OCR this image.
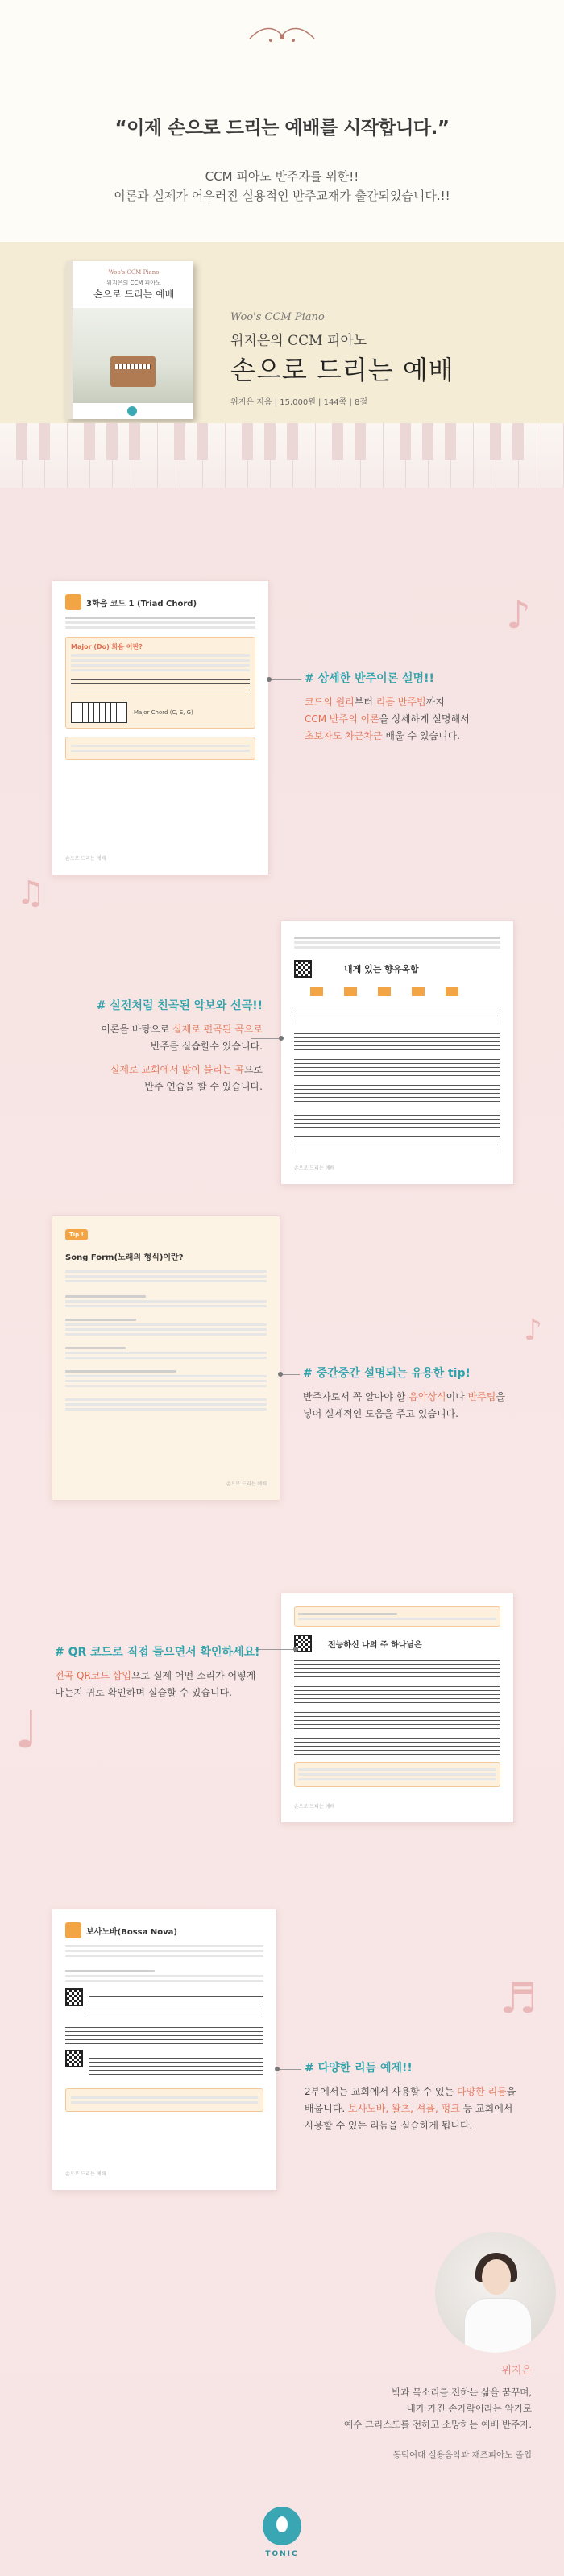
“이제 손으로 드리는 예배를 시작합니다.”
CCM 피아노 반주자를 위한!!
이론과 실제가 어우러진 실용적인 반주교재가 출간되었습니다.!!
Woo's CCM Piano
위지은의 CCM 피아노
손으로 드리는 예배
Woo's CCM Piano
위지은의 CCM 피아노
손으로 드리는 예배
위지은 지음 | 15,000원 | 144쪽 | 8절
♪
♫
♪
♩
♬
3화음 코드 1 (Triad Chord)
Major (Do) 화음 이란?
Major Chord (C, E, G)
손으로 드리는 예배
# 상세한 반주이론 설명!!
코드의 원리부터 리듬 반주법까지
CCM 반주의 이론을 상세하게 설명해서
초보자도 차근차근 배울 수 있습니다.
내게 있는 향유옥합
손으로 드리는 예배
# 실전처럼 친곡된 악보와 선곡!!
이론을 바탕으로 실제로 편곡된 곡으로
반주를 실습할수 있습니다.
실제로 교회에서 많이 불리는 곡으로
반주 연습을 할 수 있습니다.
Tip !
Song Form(노래의 형식)이란?
손으로 드리는 예배
# 중간중간 설명되는 유용한 tip!
반주자로서 꼭 알아야 할 음악상식이나 반주팁을
넣어 실제적인 도움을 주고 있습니다.
전능하신 나의 주 하나님은
손으로 드리는 예배
# QR 코드로 직접 들으면서 확인하세요!
전곡 QR코드 삽입으로 실제 어떤 소리가 어떻게
나는지 귀로 확인하며 실습할 수 있습니다.
보사노바(Bossa Nova)
손으로 드리는 예배
# 다양한 리듬 예제!!
2부에서는 교회에서 사용할 수 있는 다양한 리듬을
배웁니다. 보사노바, 왈츠, 셔플, 펑크 등 교회에서
사용할 수 있는 리듬을 실습하게 됩니다.
위지은
박과 목소리를 전하는 삶을 꿈꾸며,
내가 가진 손가락이라는 악기로
예수 그리스도를 전하고 소망하는 예배 반주자.
동덕여대 실용음악과 재즈피아노 졸업
TONIC
